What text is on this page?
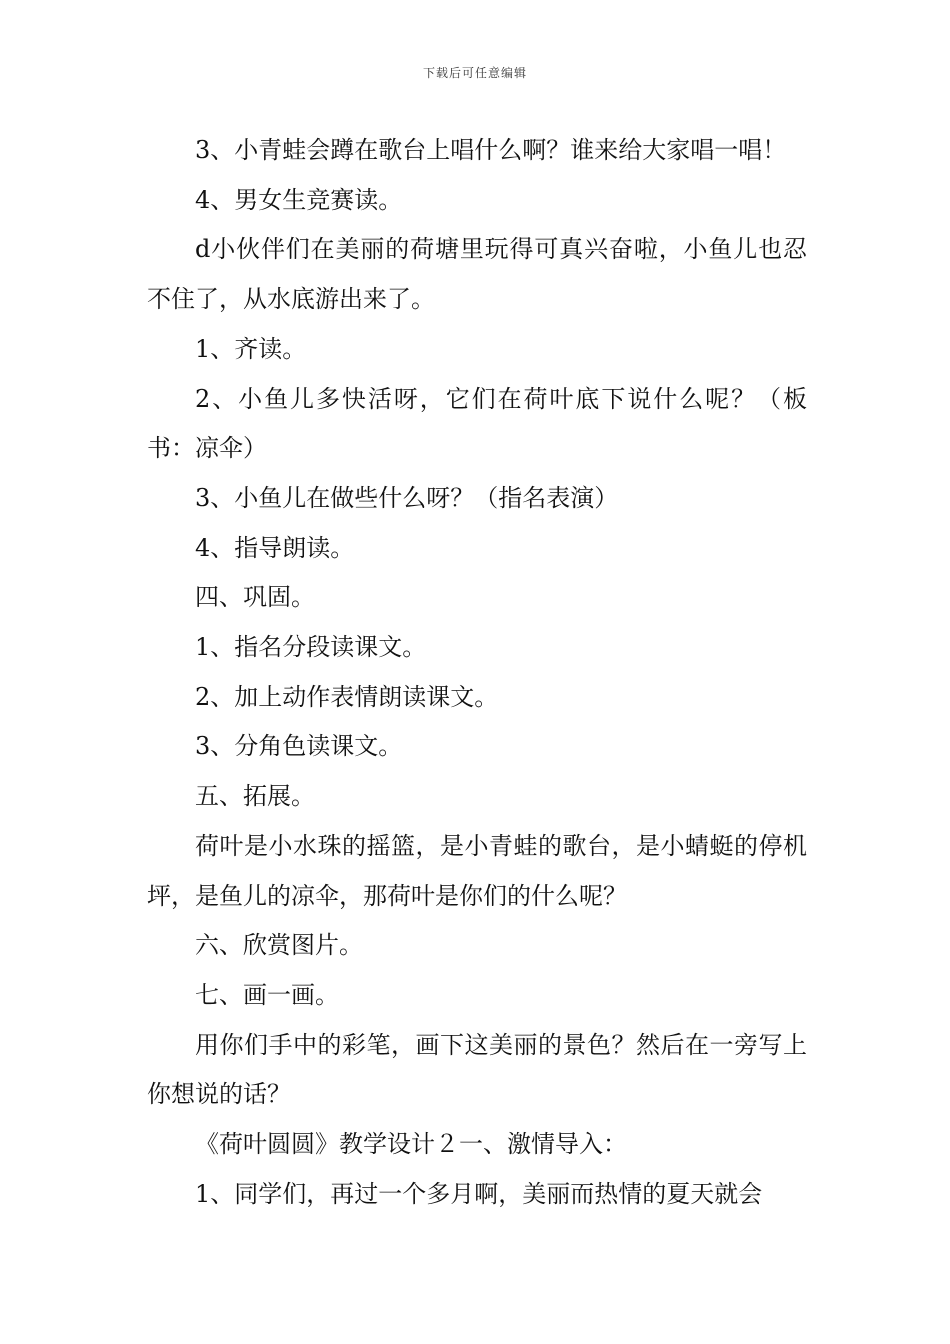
下载后可任意编辑

3、小青蛙会蹲在歌台上唱什么啊？谁来给大家唱一唱！

4、男女生竞赛读。

d小伙伴们在美丽的荷塘里玩得可真兴奋啦，小鱼儿也忍不住了，从水底游出来了。

1、齐读。

2、小鱼儿多快活呀，它们在荷叶底下说什么呢？（板书：凉伞）

3、小鱼儿在做些什么呀？（指名表演）

4、指导朗读。

四、巩固。

1、指名分段读课文。

2、加上动作表情朗读课文。

3、分角色读课文。

五、拓展。

荷叶是小水珠的摇篮，是小青蛙的歌台，是小蜻蜓的停机坪，是鱼儿的凉伞，那荷叶是你们的什么呢？

六、欣赏图片。

七、画一画。

用你们手中的彩笔，画下这美丽的景色？然后在一旁写上你想说的话？

《荷叶圆圆》教学设计２一、激情导入：

1、同学们，再过一个多月啊，美丽而热情的夏天就会
